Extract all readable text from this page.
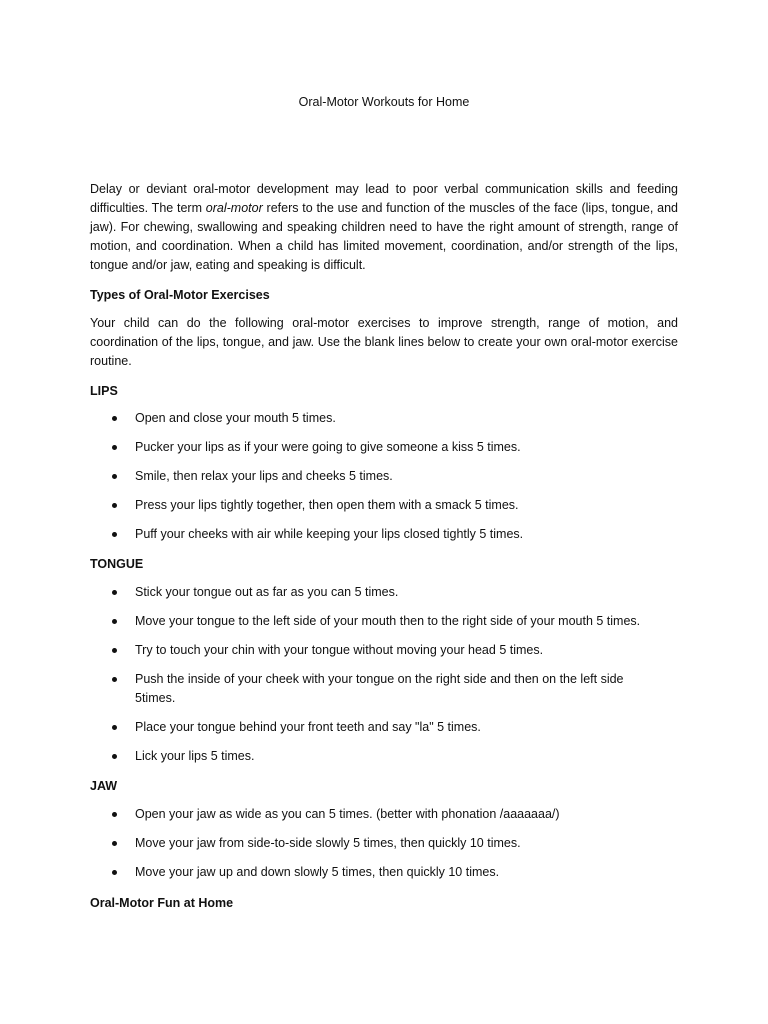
Oral-Motor Workouts for Home

Delay or deviant oral-motor development may lead to poor verbal communication skills and feeding difficulties. The term oral-motor refers to the use and function of the muscles of the face (lips, tongue, and jaw). For chewing, swallowing and speaking children need to have the right amount of strength, range of motion, and coordination. When a child has limited movement, coordination, and/or strength of the lips, tongue and/or jaw, eating and speaking is difficult.

Types of Oral-Motor Exercises

Your child can do the following oral-motor exercises to improve strength, range of motion, and coordination of the lips, tongue, and jaw. Use the blank lines below to create your own oral-motor exercise routine.

LIPS
Open and close your mouth 5 times.
Pucker your lips as if your were going to give someone a kiss 5 times.
Smile, then relax your lips and cheeks 5 times.
Press your lips tightly together, then open them with a smack 5 times.
Puff your cheeks with air while keeping your lips closed tightly 5 times.
TONGUE
Stick your tongue out as far as you can 5 times.
Move your tongue to the left side of your mouth then to the right side of your mouth 5 times.
Try to touch your chin with your tongue without moving your head 5 times.
Push the inside of your cheek with your tongue on the right side and then on the left side 5times.
Place your tongue behind your front teeth and say "la" 5 times.
Lick your lips 5 times.
JAW
Open your jaw as wide as you can 5 times. (better with phonation /aaaaaaa/)
Move your jaw from side-to-side slowly 5 times, then quickly 10 times.
Move your jaw up and down slowly 5 times, then quickly 10 times.
Oral-Motor Fun at Home
